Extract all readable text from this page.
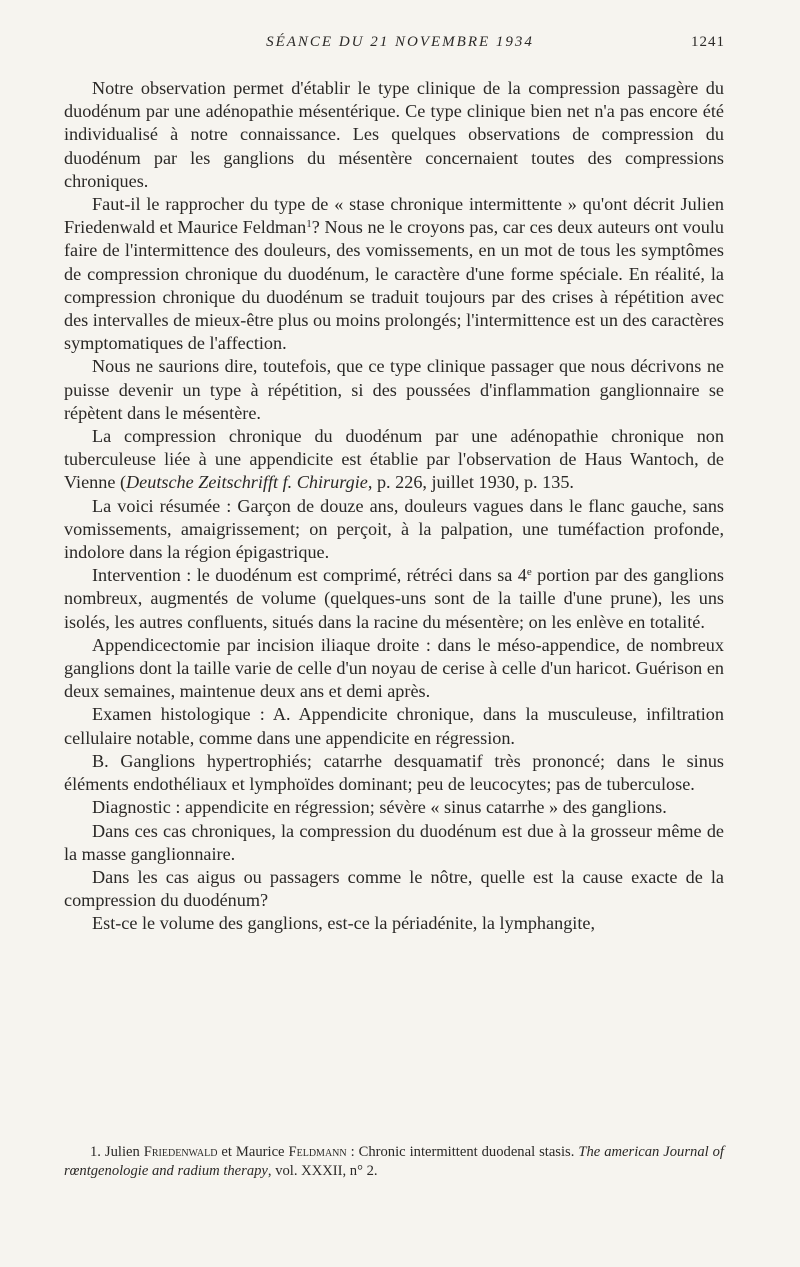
SÉANCE DU 21 NOVEMBRE 1934	1241

Notre observation permet d'établir le type clinique de la compression passagère du duodénum par une adénopathie mésentérique. Ce type clinique bien net n'a pas encore été individualisé à notre connaissance. Les quelques observations de compression du duodénum par les ganglions du mésentère concernaient toutes des compressions chroniques.

Faut-il le rapprocher du type de « stase chronique intermittente » qu'ont décrit Julien Friedenwald et Maurice Feldman$^1$? Nous ne le croyons pas, car ces deux auteurs ont voulu faire de l'intermittence des douleurs, des vomissements, en un mot de tous les symptômes de compression chronique du duodénum, le caractère d'une forme spéciale. En réalité, la compression chronique du duodénum se traduit toujours par des crises à répétition avec des intervalles de mieux-être plus ou moins prolongés; l'intermittence est un des caractères symptomatiques de l'affection.

Nous ne saurions dire, toutefois, que ce type clinique passager que nous décrivons ne puisse devenir un type à répétition, si des poussées d'inflammation ganglionnaire se répètent dans le mésentère.

La compression chronique du duodénum par une adénopathie chronique non tuberculeuse liée à une appendicite est établie par l'observation de Haus Wantoch, de Vienne (Deutsche Zeitschrifft f. Chirurgie, p. 226, juillet 1930, p. 135.

La voici résumée : Garçon de douze ans, douleurs vagues dans le flanc gauche, sans vomissements, amaigrissement; on perçoit, à la palpation, une tuméfaction profonde, indolore dans la région épigastrique.

Intervention : le duodénum est comprimé, rétréci dans sa 4e portion par des ganglions nombreux, augmentés de volume (quelques-uns sont de la taille d'une prune), les uns isolés, les autres confluents, situés dans la racine du mésentère; on les enlève en totalité.

Appendicectomie par incision iliaque droite : dans le méso-appendice, de nombreux ganglions dont la taille varie de celle d'un noyau de cerise à celle d'un haricot. Guérison en deux semaines, maintenue deux ans et demi après.

Examen histologique : A. Appendicite chronique, dans la musculeuse, infiltration cellulaire notable, comme dans une appendicite en régression.

B. Ganglions hypertrophiés; catarrhe desquamatif très prononcé; dans le sinus éléments endothéliaux et lymphoïdes dominant; peu de leucocytes; pas de tuberculose.

Diagnostic : appendicite en régression; sévère « sinus catarrhe » des ganglions.

Dans ces cas chroniques, la compression du duodénum est due à la grosseur même de la masse ganglionnaire.

Dans les cas aigus ou passagers comme le nôtre, quelle est la cause exacte de la compression du duodénum?

Est-ce le volume des ganglions, est-ce la périadénite, la lymphangite,

1. Julien Friedenwald et Maurice Feldmann : Chronic intermittent duodenal stasis. The american Journal of rœntgenologie and radium therapy, vol. XXXII, n° 2.
